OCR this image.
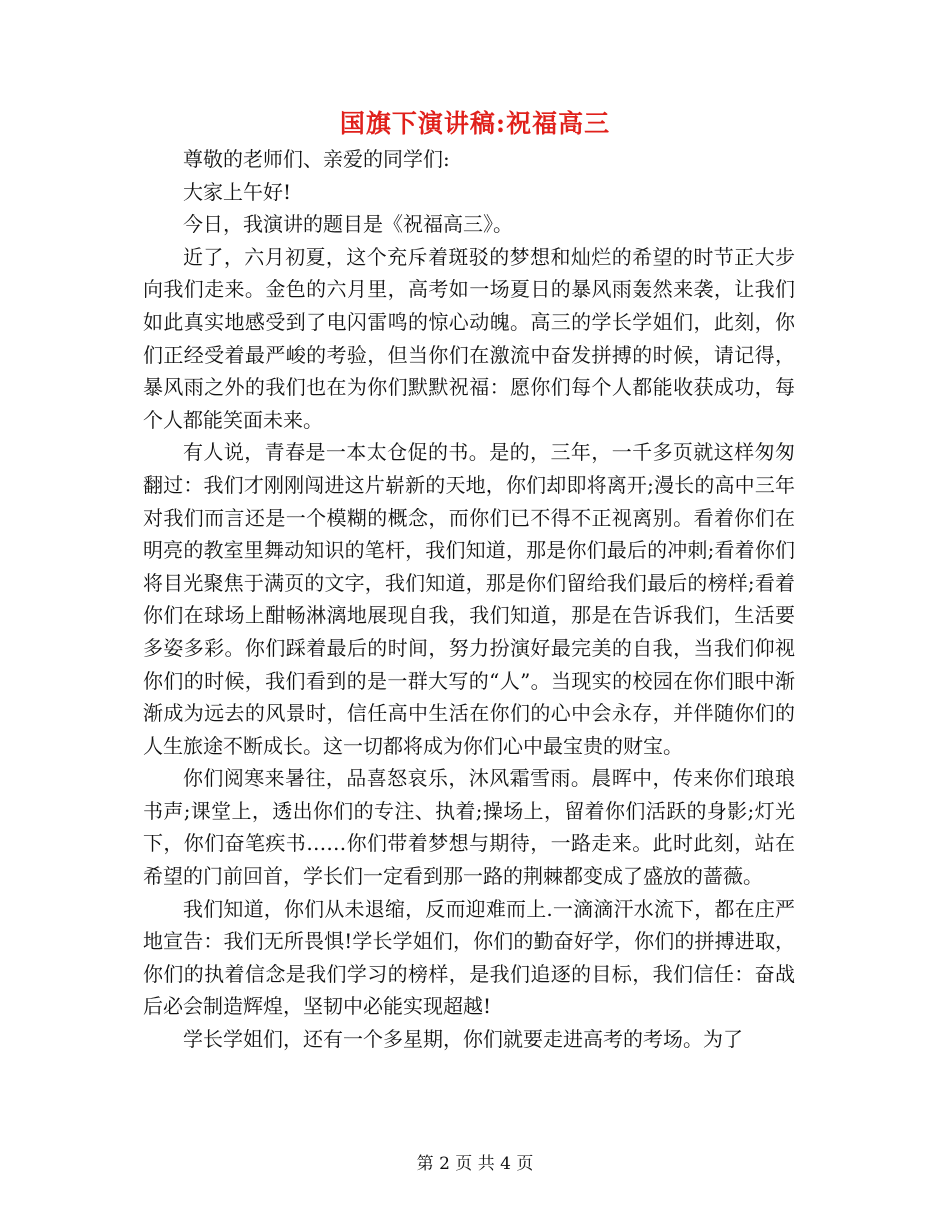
国旗下演讲稿:祝福高三

尊敬的老师们、亲爱的同学们:

大家上午好!

今日，我演讲的题目是《祝福高三》。

近了，六月初夏，这个充斥着斑驳的梦想和灿烂的希望的时节正大步向我们走来。金色的六月里，高考如一场夏日的暴风雨轰然来袭，让我们如此真实地感受到了电闪雷鸣的惊心动魄。高三的学长学姐们，此刻，你们正经受着最严峻的考验，但当你们在激流中奋发拼搏的时候，请记得，暴风雨之外的我们也在为你们默默祝福：愿你们每个人都能收获成功，每个人都能笑面未来。

有人说，青春是一本太仓促的书。是的，三年，一千多页就这样匆匆翻过：我们才刚刚闯进这片崭新的天地，你们却即将离开;漫长的高中三年对我们而言还是一个模糊的概念，而你们已不得不正视离别。看着你们在明亮的教室里舞动知识的笔杆，我们知道，那是你们最后的冲刺;看着你们将目光聚焦于满页的文字，我们知道，那是你们留给我们最后的榜样;看着你们在球场上酣畅淋漓地展现自我，我们知道，那是在告诉我们，生活要多姿多彩。你们踩着最后的时间，努力扮演好最完美的自我，当我们仰视你们的时候，我们看到的是一群大写的“人”。当现实的校园在你们眼中渐渐成为远去的风景时，信任高中生活在你们的心中会永存，并伴随你们的人生旅途不断成长。这一切都将成为你们心中最宝贵的财宝。

你们阅寒来暑往，品喜怒哀乐，沐风霜雪雨。晨晖中，传来你们琅琅书声;课堂上，透出你们的专注、执着;操场上，留着你们活跃的身影;灯光下，你们奋笔疾书……你们带着梦想与期待，一路走来。此时此刻，站在希望的门前回首，学长们一定看到那一路的荆棘都变成了盛放的蔷薇。

我们知道，你们从未退缩，反而迎难而上.一滴滴汗水流下，都在庄严地宣告：我们无所畏惧!学长学姐们，你们的勤奋好学，你们的拼搏进取，你们的执着信念是我们学习的榜样，是我们追逐的目标，我们信任：奋战后必会制造辉煌，坚韧中必能实现超越!

学长学姐们，还有一个多星期，你们就要走进高考的考场。为了

第 2 页 共 4 页
